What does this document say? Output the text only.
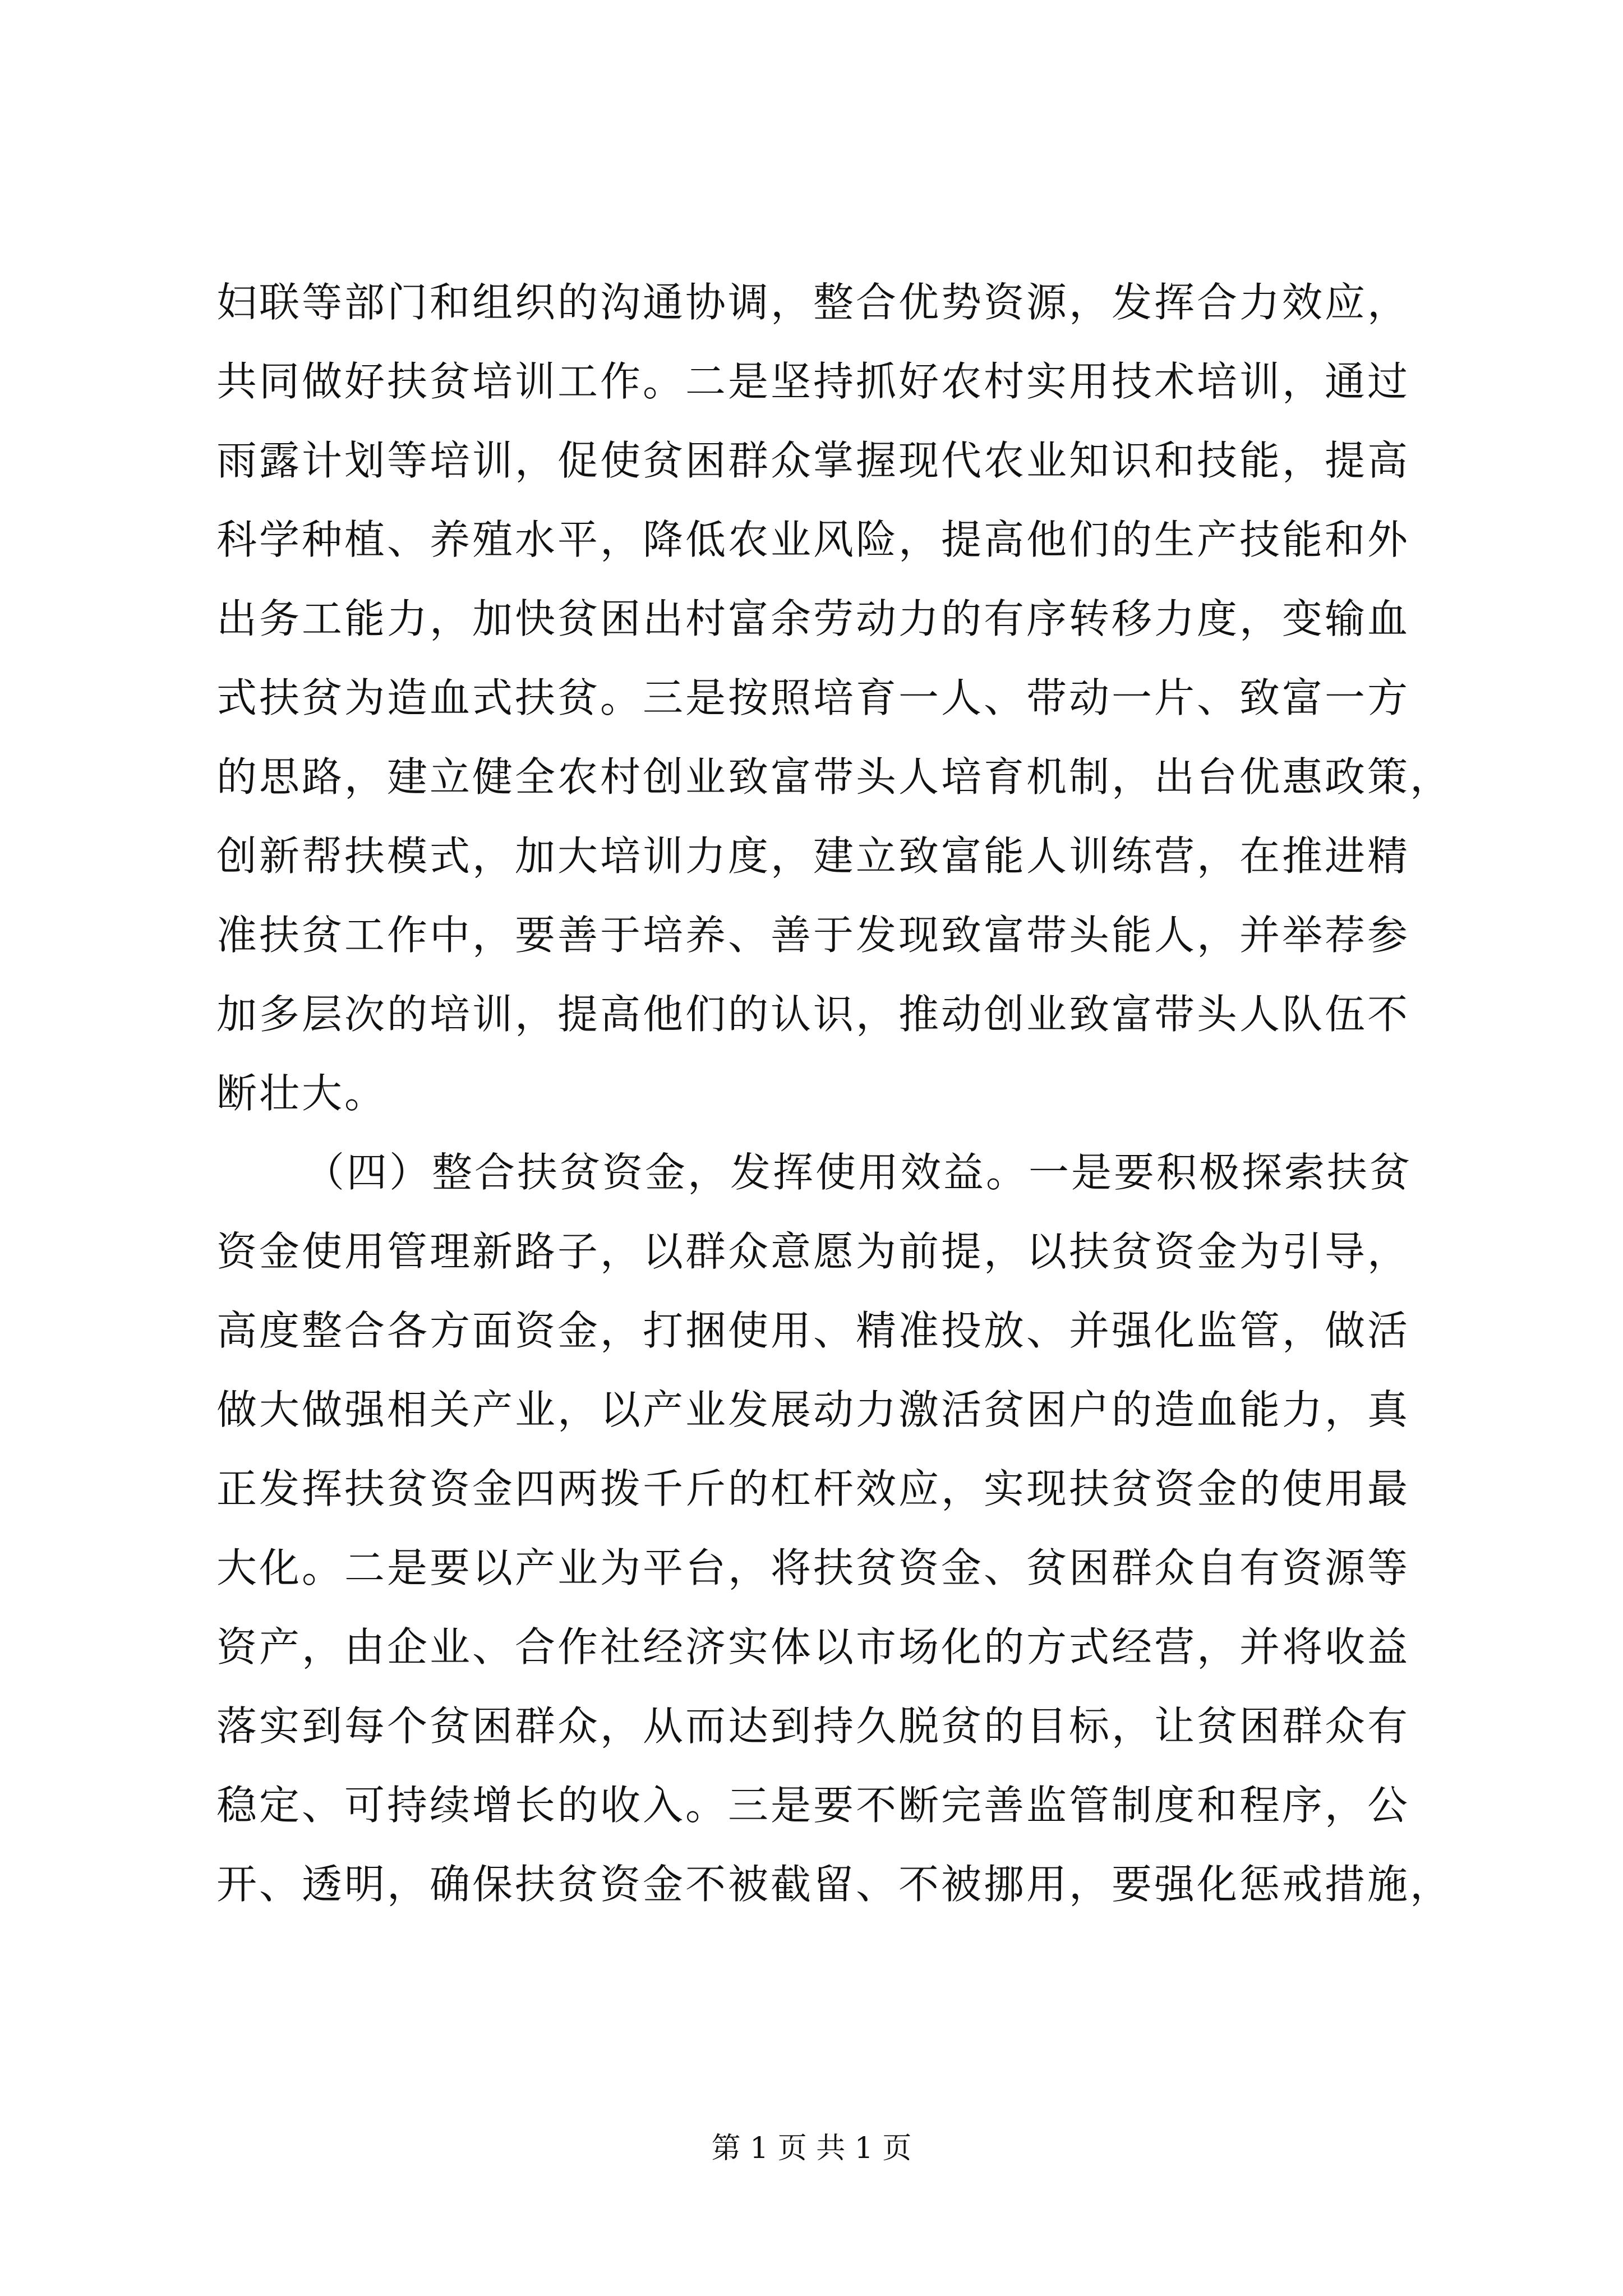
妇联等部门和组织的沟通协调，整合优势资源，发挥合力效应，
共同做好扶贫培训工作。二是坚持抓好农村实用技术培训，通过
雨露计划等培训，促使贫困群众掌握现代农业知识和技能，提高
科学种植、养殖水平，降低农业风险，提高他们的生产技能和外
出务工能力，加快贫困出村富余劳动力的有序转移力度，变输血
式扶贫为造血式扶贫。三是按照培育一人、带动一片、致富一方
的思路，建立健全农村创业致富带头人培育机制，出台优惠政策，
创新帮扶模式，加大培训力度，建立致富能人训练营，在推进精
准扶贫工作中，要善于培养、善于发现致富带头能人，并举荐参
加多层次的培训，提高他们的认识，推动创业致富带头人队伍不
断壮大。
（四）整合扶贫资金，发挥使用效益。一是要积极探索扶贫
资金使用管理新路子，以群众意愿为前提，以扶贫资金为引导，
高度整合各方面资金，打捆使用、精准投放、并强化监管，做活
做大做强相关产业，以产业发展动力激活贫困户的造血能力，真
正发挥扶贫资金四两拨千斤的杠杆效应，实现扶贫资金的使用最
大化。二是要以产业为平台，将扶贫资金、贫困群众自有资源等
资产，由企业、合作社经济实体以市场化的方式经营，并将收益
落实到每个贫困群众，从而达到持久脱贫的目标，让贫困群众有
稳定、可持续增长的收入。三是要不断完善监管制度和程序，公
开、透明，确保扶贫资金不被截留、不被挪用，要强化惩戒措施，
第 1 页 共 1 页
